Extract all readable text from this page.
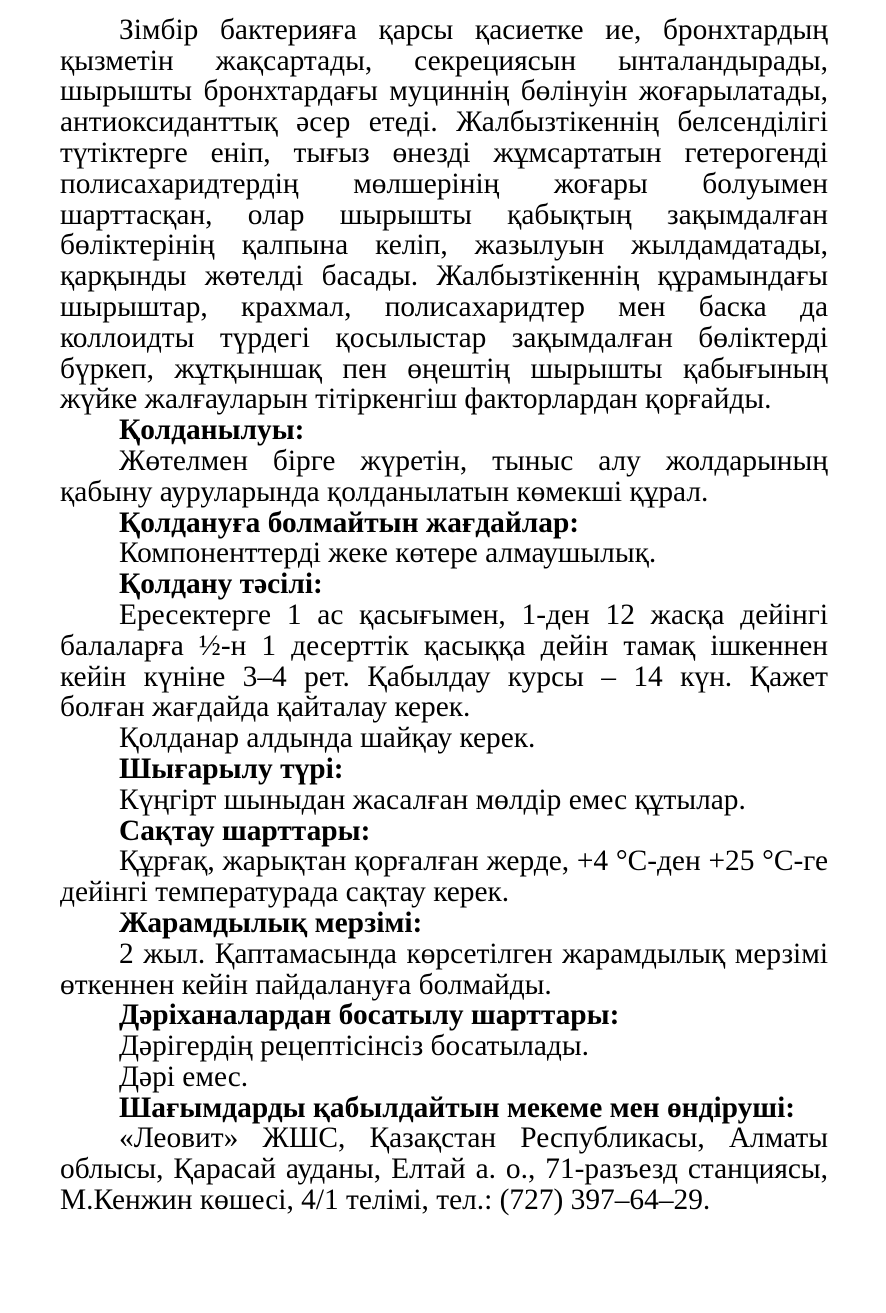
Зімбір бактерияға қарсы қасиетке ие, бронхтардың қызметін жақсартады, секрециясын ынталандырады, шырышты бронхтардағы муциннің бөлінуін жоғарылатады, антиоксиданттық әсер етеді. Жалбызтікеннің белсенділігі түтіктерге еніп, тығыз өнезді жұмсартатын гетерогенді полисахаридтердің мөлшерінің жоғары болуымен шарттасқан, олар шырышты қабықтың зақымдалған бөліктерінің қалпына келіп, жазылуын жылдамдатады, қарқынды жөтелді басады. Жалбызтікеннің құрамындағы шырыштар, крахмал, полисахаридтер мен баска да коллоидты түрдегі қосылыстар зақымдалған бөліктерді бүркеп, жұтқыншақ пен өңештің шырышты қабығының жүйке жалғауларын тітіркенгіш факторлардан қорғайды.

Қолданылуы:

Жөтелмен бірге жүретін, тыныс алу жолдарының қабыну ауруларында қолданылатын көмекші құрал.

Қолдануға болмайтын жағдайлар:

Компоненттерді жеке көтере алмаушылық.

Қолдану тәсілі:

Ересектерге 1 ас қасығымен, 1-ден 12 жасқа дейінгі балаларға ½-н 1 десерттік қасыққа дейін тамақ ішкеннен кейін күніне 3–4 рет. Қабылдау курсы – 14 күн. Қажет болған жағдайда қайталау керек.

Қолданар алдында шайқау керек.

Шығарылу түрі:

Күңгірт шыныдан жасалған мөлдір емес құтылар.

Сақтау шарттары:

Құрғақ, жарықтан қорғалған жерде, +4 °С-ден +25 °С-ге дейінгі температурада сақтау керек.

Жарамдылық мерзімі:

2 жыл. Қаптамасында көрсетілген жарамдылық мерзімі өткеннен кейін пайдалануға болмайды.

Дәріханалардан босатылу шарттары:

Дәрігердің рецептісінсіз босатылады.

Дәрі емес.

Шағымдарды қабылдайтын мекеме мен өндіруші:

«Леовит» ЖШС, Қазақстан Республикасы, Алматы облысы, Қарасай ауданы, Елтай а. о., 71-разъезд станциясы, М.Кенжин көшесі, 4/1 телімі, тел.: (727) 397–64–29.
